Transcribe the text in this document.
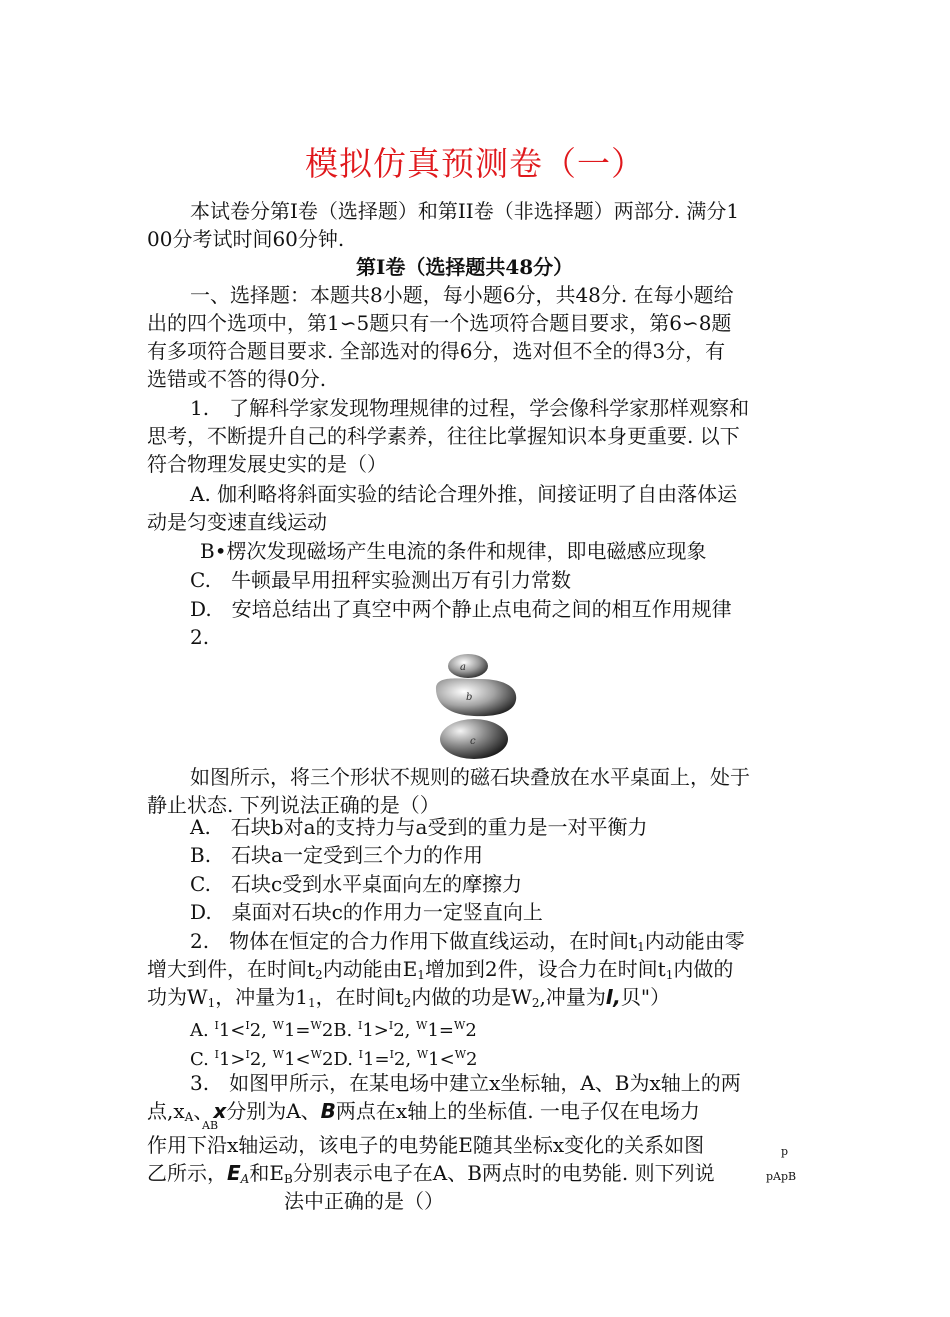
模拟仿真预测卷（一）
本试卷分第Ⅰ卷（选择题）和第II卷（非选择题）两部分. 满分1
00分考试时间60分钟.
第Ⅰ卷（选择题共48分）
一、选择题：本题共8小题，每小题6分，共48分. 在每小题给
出的四个选项中，第1∽5题只有一个选项符合题目要求，第6∽8题
有多项符合题目要求. 全部选对的得6分，选对但不全的得3分，有
选错或不答的得0分.
1.　了解科学家发现物理规律的过程，学会像科学家那样观察和
思考，不断提升自己的科学素养，往往比掌握知识本身更重要. 以下
符合物理发展史实的是（）
A. 伽利略将斜面实验的结论合理外推，间接证明了自由落体运
动是匀变速直线运动
B•楞次发现磁场产生电流的条件和规律，即电磁感应现象
C.　牛顿最早用扭秤实验测出万有引力常数
D.　安培总结出了真空中两个静止点电荷之间的相互作用规律
2.
a
b
c
如图所示，将三个形状不规则的磁石块叠放在水平桌面上，处于
静止状态. 下列说法正确的是（）
A.　石块b对a的支持力与a受到的重力是一对平衡力
B.　石块a一定受到三个力的作用
C.　石块c受到水平桌面向左的摩擦力
D.　桌面对石块c的作用力一定竖直向上
2.　物体在恒定的合力作用下做直线运动，在时间$t_1$内动能由零
增大到件，在时间$t_2$内动能由$E_1$增加到2件，设合力在时间$t_1$内做的
功为$W_1$，冲量为$1_1$，在时间$t_2$内做的功是$W_2$,冲量为I,贝"）
A. $^I$1<$^I$2, $^W$1=$^W$2B. $^I$1>$^I$2, $^W$1=$^W$2
C. $^I$1>$^I$2, $^W$1<$^W$2D. $^I$1=$^I$2, $^W$1<$^W$2
3.　如图甲所示，在某电场中建立x坐标轴，A、B为x轴上的两
点$,x_A$、x分别为A、B两点在x轴上的坐标值. 一电子仅在电场力
AB
作用下沿x轴运动，该电子的电势能E随其坐标x变化的关系如图	p
乙所示，$E_A$和$E_B$分别表示电子在A、B两点时的电势能. 则下列说	pApB
法中正确的是（）
